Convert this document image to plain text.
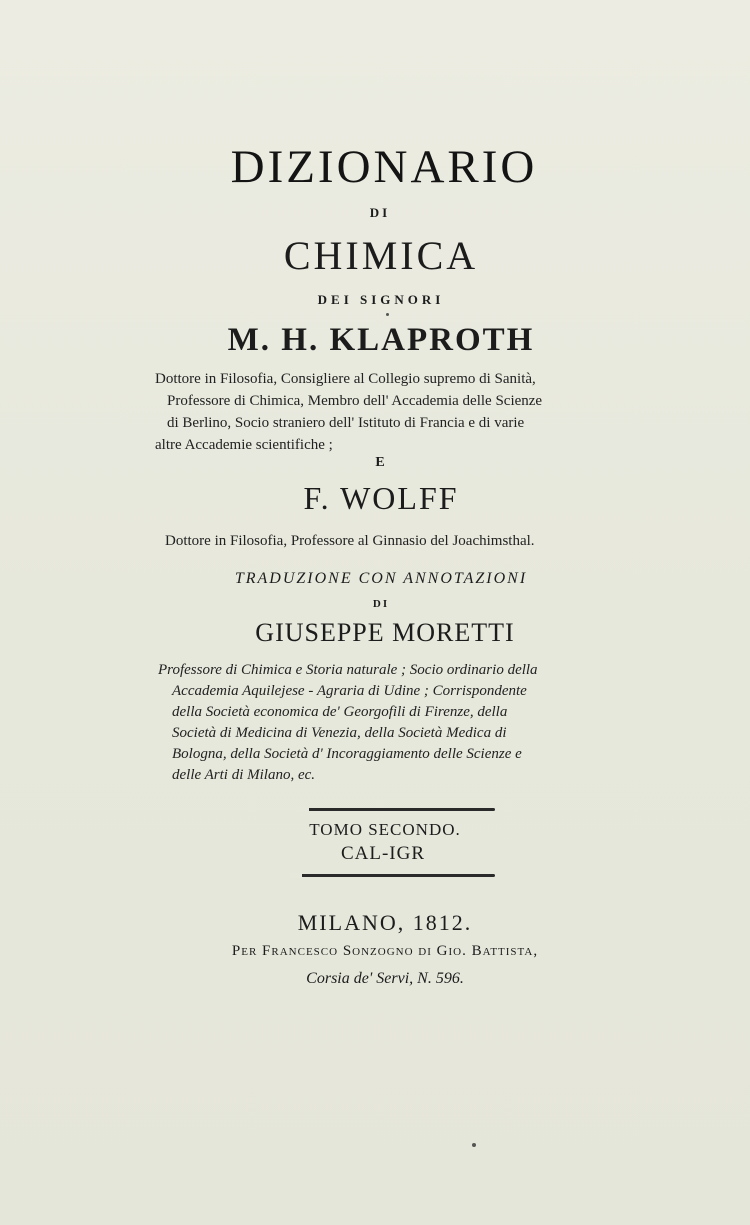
DIZIONARIO
DI
CHIMICA
DEI SIGNORI
M. H. KLAPROTH
Dottore in Filosofia, Consigliere al Collegio supremo di Sanità,
Professore di Chimica, Membro dell' Accademia delle Scienze
di Berlino, Socio straniero dell' Istituto di Francia e di varie
altre Accademie scientifiche ;
E
F. WOLFF
Dottore in Filosofia, Professore al Ginnasio del Joachimsthal.
TRADUZIONE CON ANNOTAZIONI
DI
GIUSEPPE MORETTI
Professore di Chimica e Storia naturale ; Socio ordinario della
Accademia Aquilejese - Agraria di Udine ; Corrispondente
della Società economica de' Georgofili di Firenze, della
Società di Medicina di Venezia, della Società Medica di
Bologna, della Società d' Incoraggiamento delle Scienze e
delle Arti di Milano, ec.
TOMO SECONDO.
CAL-IGR
MILANO, 1812.
Per Francesco Sonzogno di Gio. Battista,
Corsia de' Servi, N. 596.
